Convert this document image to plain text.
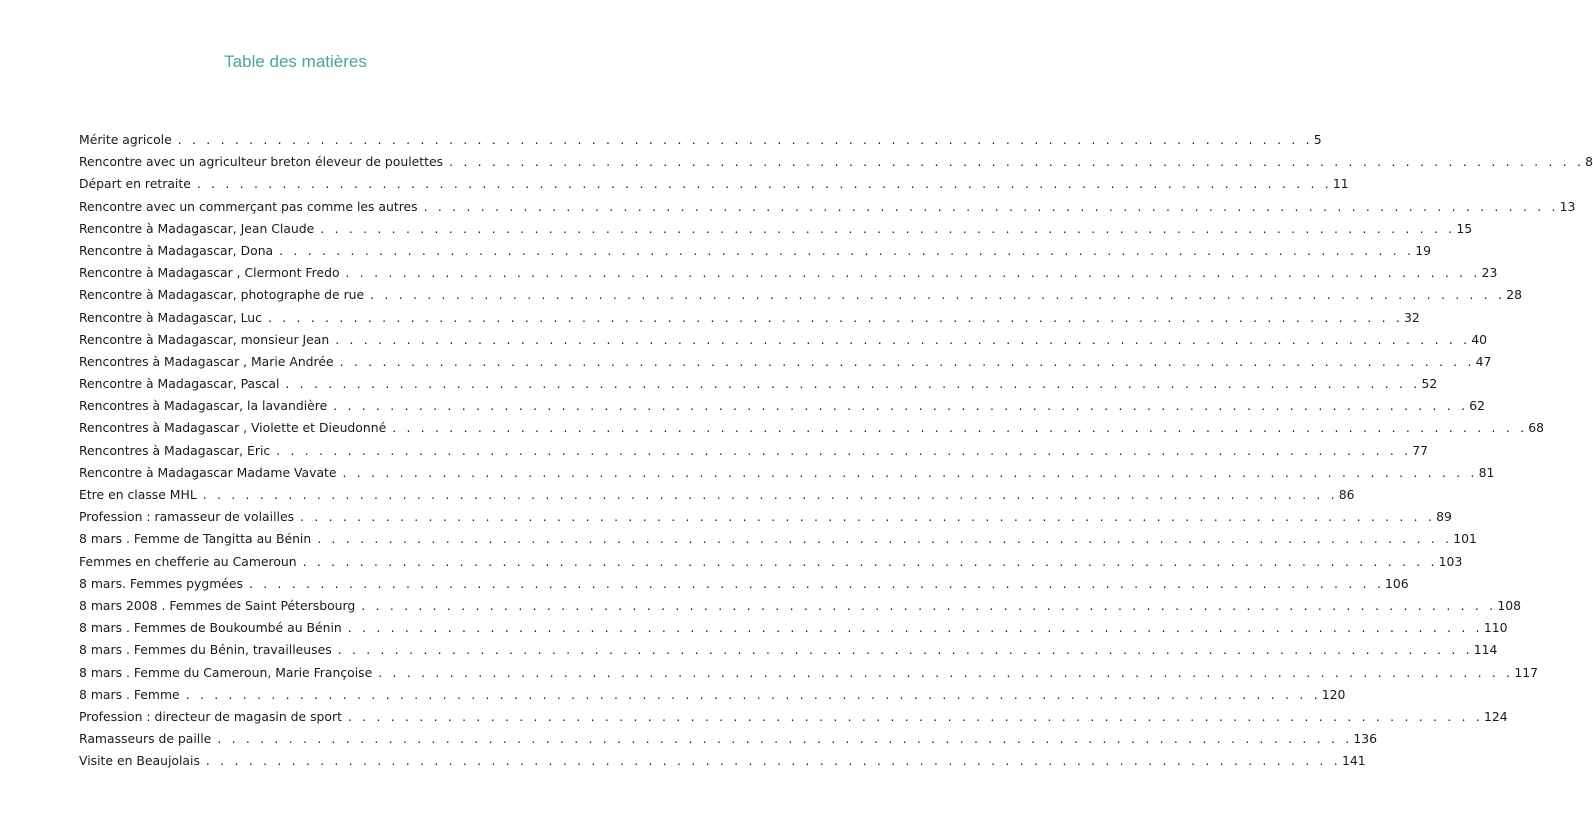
Table des matières
Mérite agricole . . . . . . . . . . . . . . . . . . . . . . . . . . . . . . . . . . . . . . . . . . . . . . . . . . . . . . . . . . . . . . . . . . . . . . . . . . . . . . . . 5
Rencontre avec un agriculteur breton éleveur de poulettes . . . . . . . . . . . . . . . . . . . . . . . . . . . . . . . . . . . . . . . . . . . . . . . . . . . . . . . . . . . . . . . . . . . . . . . . . . . . . . . . 8
Départ en retraite . . . . . . . . . . . . . . . . . . . . . . . . . . . . . . . . . . . . . . . . . . . . . . . . . . . . . . . . . . . . . . . . . . . . . . . . . . . . . . . . 11
Rencontre avec un commerçant pas comme les autres . . . . . . . . . . . . . . . . . . . . . . . . . . . . . . . . . . . . . . . . . . . . . . . . . . . . . . . . . . . . . . . . . . . . . . . . . . . . . . . . 13
Rencontre à Madagascar, Jean Claude . . . . . . . . . . . . . . . . . . . . . . . . . . . . . . . . . . . . . . . . . . . . . . . . . . . . . . . . . . . . . . . . . . . . . . . . . . . . . . . . 15
Rencontre à Madagascar, Dona . . . . . . . . . . . . . . . . . . . . . . . . . . . . . . . . . . . . . . . . . . . . . . . . . . . . . . . . . . . . . . . . . . . . . . . . . . . . . . . . 19
Rencontre à Madagascar , Clermont Fredo . . . . . . . . . . . . . . . . . . . . . . . . . . . . . . . . . . . . . . . . . . . . . . . . . . . . . . . . . . . . . . . . . . . . . . . . . . . . . . . . 23
Rencontre à Madagascar, photographe de rue . . . . . . . . . . . . . . . . . . . . . . . . . . . . . . . . . . . . . . . . . . . . . . . . . . . . . . . . . . . . . . . . . . . . . . . . . . . . . . . . 28
Rencontre à Madagascar, Luc . . . . . . . . . . . . . . . . . . . . . . . . . . . . . . . . . . . . . . . . . . . . . . . . . . . . . . . . . . . . . . . . . . . . . . . . . . . . . . . . 32
Rencontre à Madagascar, monsieur Jean . . . . . . . . . . . . . . . . . . . . . . . . . . . . . . . . . . . . . . . . . . . . . . . . . . . . . . . . . . . . . . . . . . . . . . . . . . . . . . . . 40
Rencontres à Madagascar , Marie Andrée . . . . . . . . . . . . . . . . . . . . . . . . . . . . . . . . . . . . . . . . . . . . . . . . . . . . . . . . . . . . . . . . . . . . . . . . . . . . . . . . 47
Rencontre à Madagascar, Pascal . . . . . . . . . . . . . . . . . . . . . . . . . . . . . . . . . . . . . . . . . . . . . . . . . . . . . . . . . . . . . . . . . . . . . . . . . . . . . . . . 52
Rencontres à Madagascar, la lavandière . . . . . . . . . . . . . . . . . . . . . . . . . . . . . . . . . . . . . . . . . . . . . . . . . . . . . . . . . . . . . . . . . . . . . . . . . . . . . . . . 62
Rencontres à Madagascar , Violette et Dieudonné . . . . . . . . . . . . . . . . . . . . . . . . . . . . . . . . . . . . . . . . . . . . . . . . . . . . . . . . . . . . . . . . . . . . . . . . . . . . . . . . 68
Rencontres à Madagascar, Eric . . . . . . . . . . . . . . . . . . . . . . . . . . . . . . . . . . . . . . . . . . . . . . . . . . . . . . . . . . . . . . . . . . . . . . . . . . . . . . . . 77
Rencontre à Madagascar Madame Vavate . . . . . . . . . . . . . . . . . . . . . . . . . . . . . . . . . . . . . . . . . . . . . . . . . . . . . . . . . . . . . . . . . . . . . . . . . . . . . . . . 81
Etre en classe MHL . . . . . . . . . . . . . . . . . . . . . . . . . . . . . . . . . . . . . . . . . . . . . . . . . . . . . . . . . . . . . . . . . . . . . . . . . . . . . . . . 86
Profession : ramasseur de volailles . . . . . . . . . . . . . . . . . . . . . . . . . . . . . . . . . . . . . . . . . . . . . . . . . . . . . . . . . . . . . . . . . . . . . . . . . . . . . . . . 89
8 mars . Femme de Tangitta au Bénin . . . . . . . . . . . . . . . . . . . . . . . . . . . . . . . . . . . . . . . . . . . . . . . . . . . . . . . . . . . . . . . . . . . . . . . . . . . . . . . . 101
Femmes en chefferie au Cameroun . . . . . . . . . . . . . . . . . . . . . . . . . . . . . . . . . . . . . . . . . . . . . . . . . . . . . . . . . . . . . . . . . . . . . . . . . . . . . . . . 103
8 mars. Femmes pygmées . . . . . . . . . . . . . . . . . . . . . . . . . . . . . . . . . . . . . . . . . . . . . . . . . . . . . . . . . . . . . . . . . . . . . . . . . . . . . . . . 106
8 mars 2008 . Femmes de Saint Pétersbourg . . . . . . . . . . . . . . . . . . . . . . . . . . . . . . . . . . . . . . . . . . . . . . . . . . . . . . . . . . . . . . . . . . . . . . . . . . . . . . . . 108
8 mars . Femmes de Boukoumbé au Bénin . . . . . . . . . . . . . . . . . . . . . . . . . . . . . . . . . . . . . . . . . . . . . . . . . . . . . . . . . . . . . . . . . . . . . . . . . . . . . . . . 110
8 mars . Femmes du Bénin, travailleuses . . . . . . . . . . . . . . . . . . . . . . . . . . . . . . . . . . . . . . . . . . . . . . . . . . . . . . . . . . . . . . . . . . . . . . . . . . . . . . . . 114
8 mars . Femme du Cameroun, Marie Françoise . . . . . . . . . . . . . . . . . . . . . . . . . . . . . . . . . . . . . . . . . . . . . . . . . . . . . . . . . . . . . . . . . . . . . . . . . . . . . . . . 117
8 mars . Femme . . . . . . . . . . . . . . . . . . . . . . . . . . . . . . . . . . . . . . . . . . . . . . . . . . . . . . . . . . . . . . . . . . . . . . . . . . . . . . . . 120
Profession : directeur de magasin de sport . . . . . . . . . . . . . . . . . . . . . . . . . . . . . . . . . . . . . . . . . . . . . . . . . . . . . . . . . . . . . . . . . . . . . . . . . . . . . . . . 124
Ramasseurs de paille . . . . . . . . . . . . . . . . . . . . . . . . . . . . . . . . . . . . . . . . . . . . . . . . . . . . . . . . . . . . . . . . . . . . . . . . . . . . . . . . 136
Visite en Beaujolais . . . . . . . . . . . . . . . . . . . . . . . . . . . . . . . . . . . . . . . . . . . . . . . . . . . . . . . . . . . . . . . . . . . . . . . . . . . . . . . . 141
